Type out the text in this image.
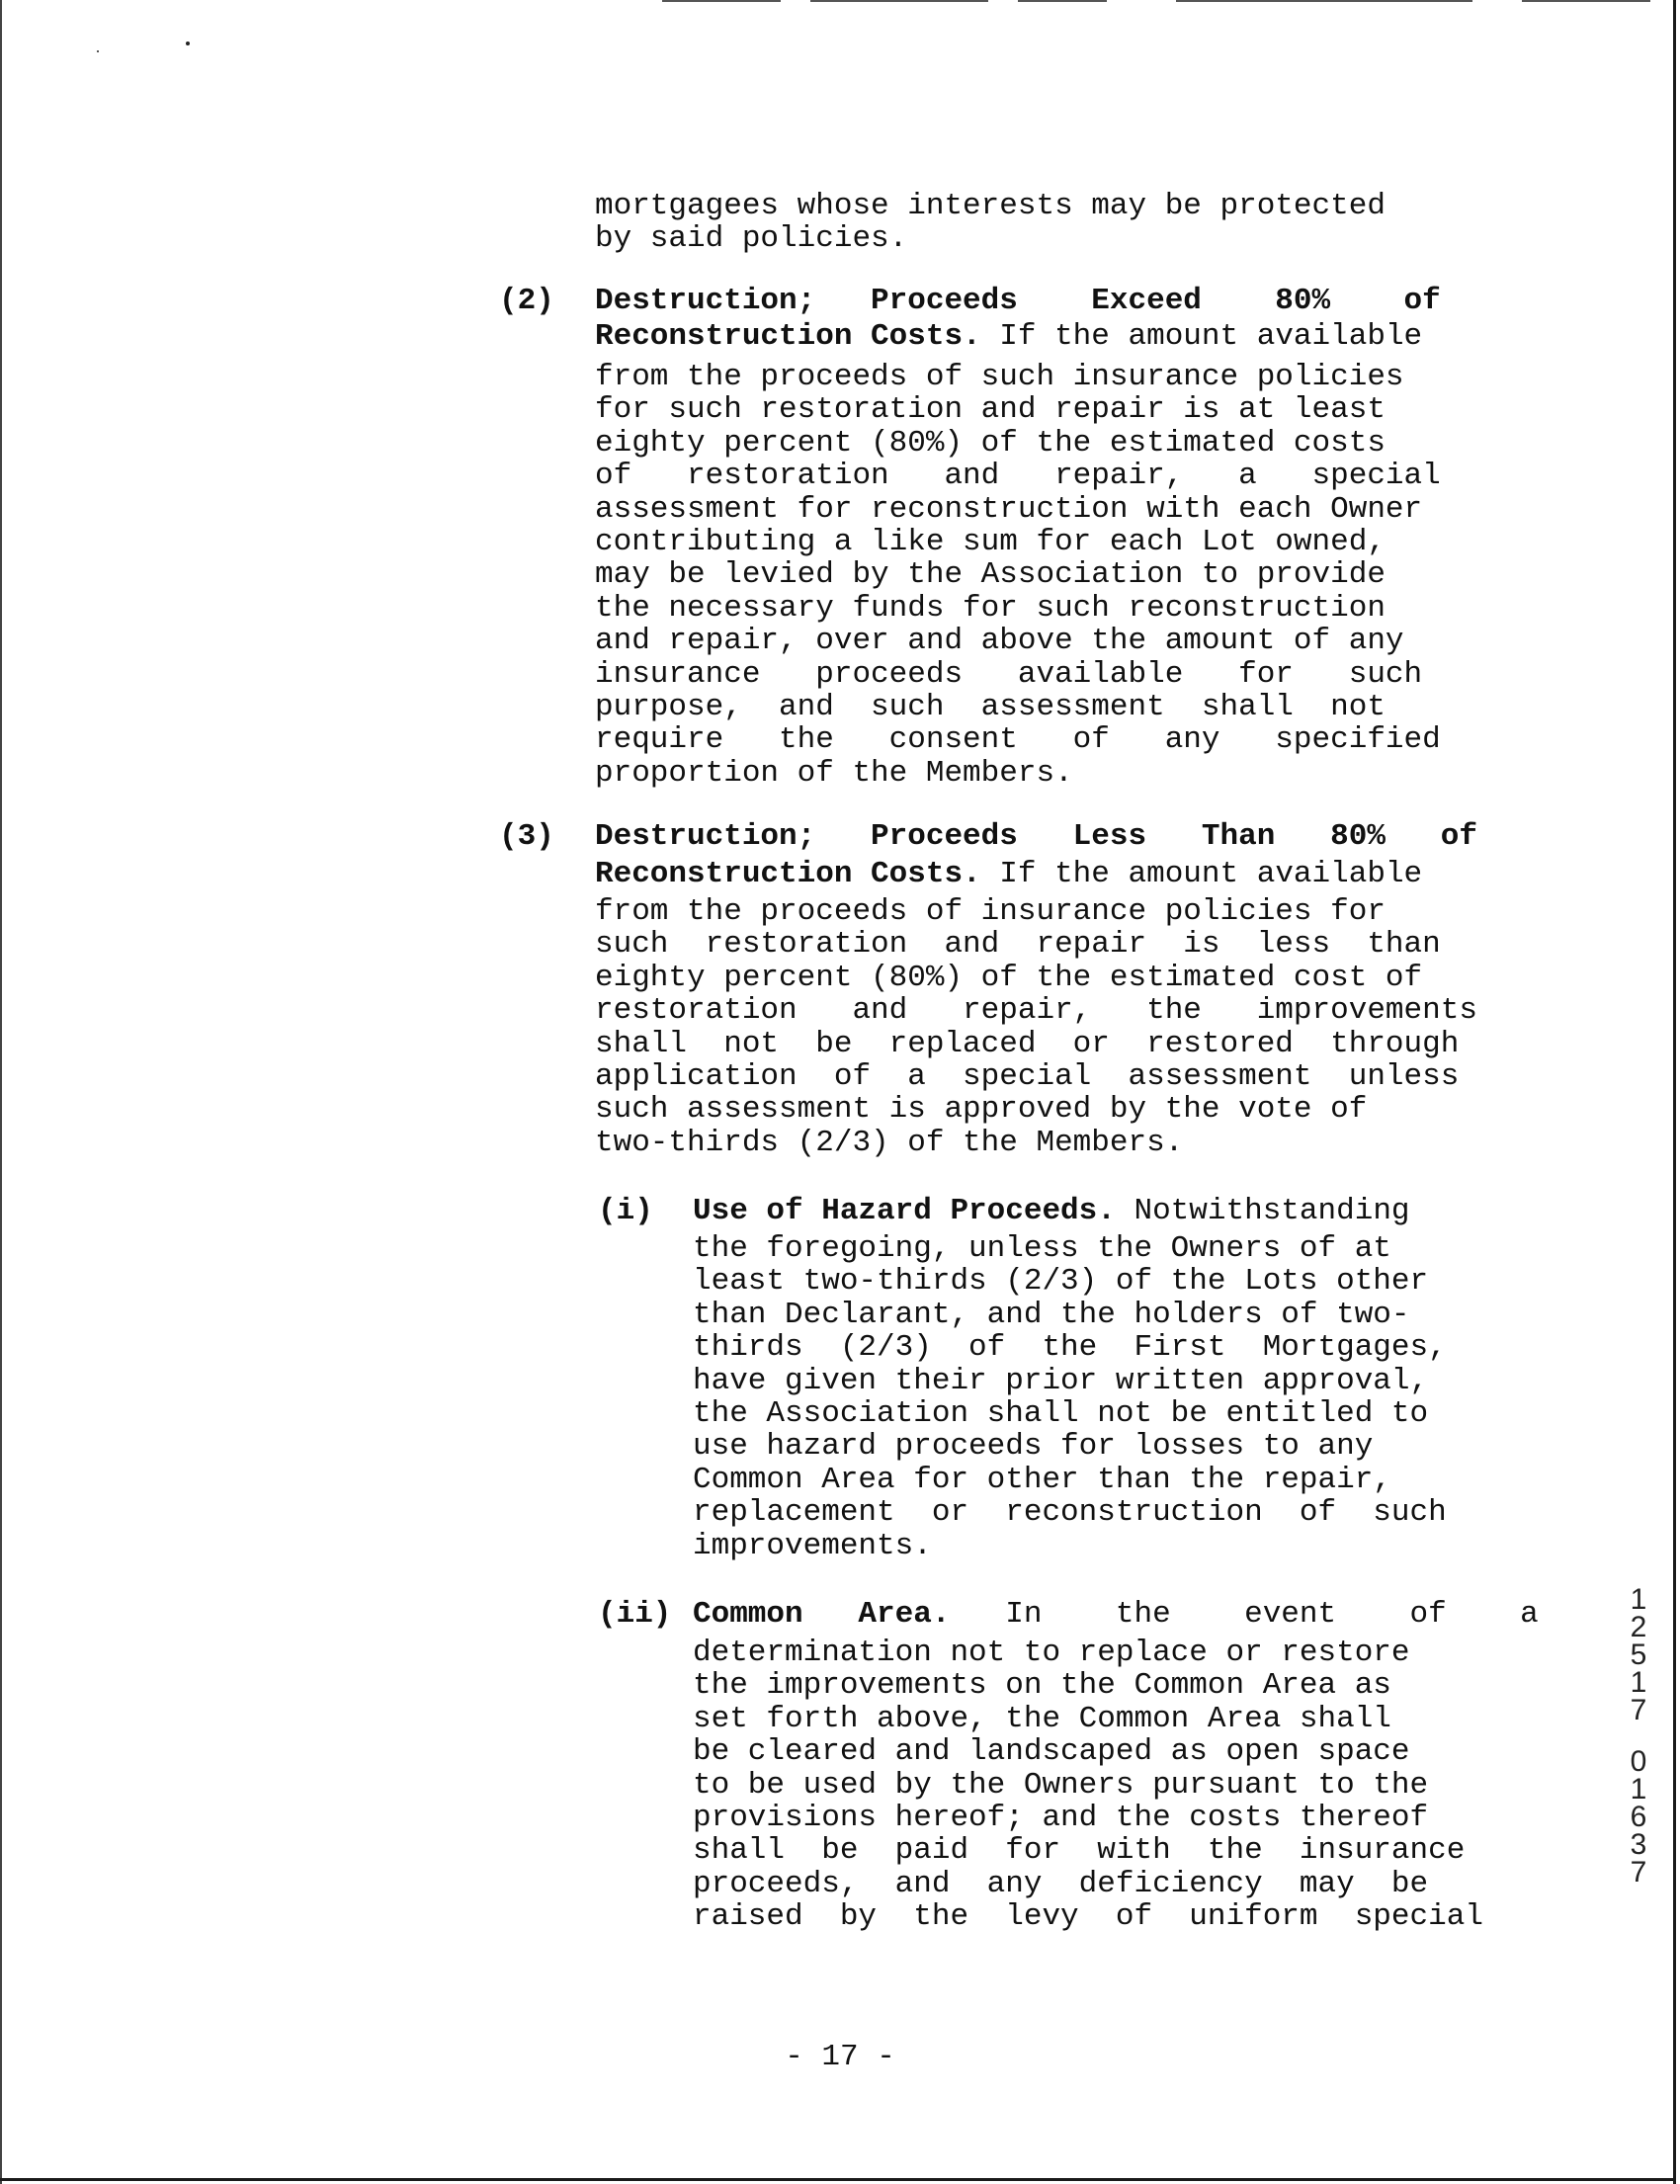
mortgagees whose interests may be protected
by said policies.
(2) Destruction;   Proceeds    Exceed    80%    of
Reconstruction Costs. If the amount available
from the proceeds of such insurance policies
for such restoration and repair is at least
eighty percent (80%) of the estimated costs
of   restoration   and   repair,   a   special
assessment for reconstruction with each Owner
contributing a like sum for each Lot owned,
may be levied by the Association to provide
the necessary funds for such reconstruction
and repair, over and above the amount of any
insurance   proceeds   available   for   such
purpose,  and  such  assessment  shall  not
require   the   consent   of   any   specified
proportion of the Members.
(3) Destruction;   Proceeds   Less   Than   80%   of
Reconstruction Costs. If the amount available
from the proceeds of insurance policies for
such  restoration  and  repair  is  less  than
eighty percent (80%) of the estimated cost of
restoration   and   repair,   the   improvements
shall  not  be  replaced  or  restored  through
application  of  a  special  assessment  unless
such assessment is approved by the vote of
two-thirds (2/3) of the Members.
(i) Use of Hazard Proceeds. Notwithstanding
the foregoing, unless the Owners of at
least two-thirds (2/3) of the Lots other
than Declarant, and the holders of two-
thirds  (2/3)  of  the  First  Mortgages,
have given their prior written approval,
the Association shall not be entitled to
use hazard proceeds for losses to any
Common Area for other than the repair,
replacement  or  reconstruction  of  such
improvements.
(ii) Common   Area.   In    the    event    of    a
determination not to replace or restore
the improvements on the Common Area as
set forth above, the Common Area shall
be cleared and landscaped as open space
to be used by the Owners pursuant to the
provisions hereof; and the costs thereof
shall  be  paid  for  with  the  insurance
proceeds,  and  any  deficiency  may  be
raised  by  the  levy  of  uniform  special
1
2
5
1
7

0
1
6
3
7
- 17 -
